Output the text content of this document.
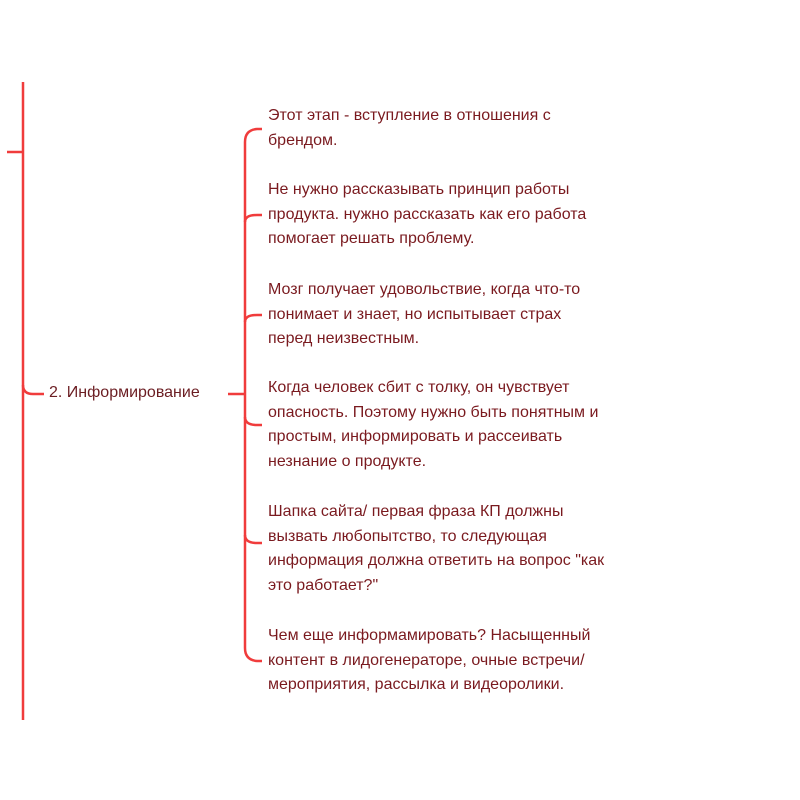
2. Информирование
Этот этап - вступление в отношения с
брендом.
Не нужно рассказывать принцип работы
продукта. нужно рассказать как его работа
помогает решать проблему.
Мозг получает удовольствие, когда что-то
понимает и знает, но испытывает страх
перед неизвестным.
Когда человек сбит с толку, он чувствует
опасность. Поэтому нужно быть понятным и
простым, информировать и рассеивать
незнание о продукте.
Шапка сайта/ первая фраза КП должны
вызвать любопытство, то следующая
информация должна ответить на вопрос "как
это работает?"
Чем еще информамировать? Насыщенный
контент в лидогенераторе, очные встречи/
мероприятия, рассылка и видеоролики.
